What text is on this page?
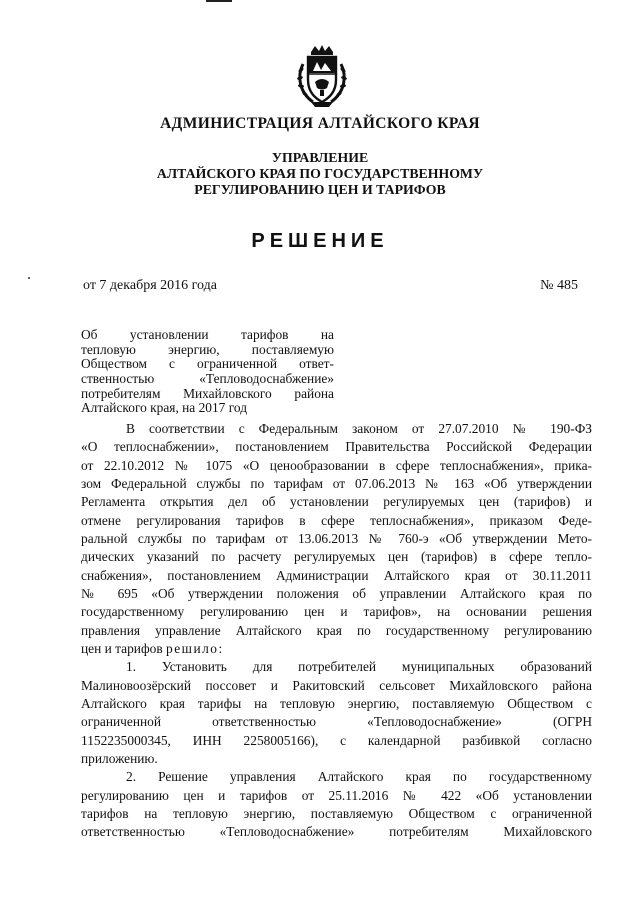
АДМИНИСТРАЦИЯ АЛТАЙСКОГО КРАЯ
УПРАВЛЕНИЕ
АЛТАЙСКОГО КРАЯ ПО ГОСУДАРСТВЕННОМУ
РЕГУЛИРОВАНИЮ ЦЕН И ТАРИФОВ
РЕШЕНИЕ
от 7 декабря 2016 года	№ 485
Об установлении тарифов на
тепловую энергию, поставляемую
Обществом с ограниченной ответ-
ственностью «Тепловодоснабжение»
потребителям Михайловского района
Алтайского края, на 2017 год
В соответствии с Федеральным законом от 27.07.2010 № 190-ФЗ
«О теплоснабжении», постановлением Правительства Российской Федерации
от 22.10.2012 № 1075 «О ценообразовании в сфере теплоснабжения», прика-
зом Федеральной службы по тарифам от 07.06.2013 № 163 «Об утверждении
Регламента открытия дел об установлении регулируемых цен (тарифов) и
отмене регулирования тарифов в сфере теплоснабжения», приказом Феде-
ральной службы по тарифам от 13.06.2013 № 760-э «Об утверждении Мето-
дических указаний по расчету регулируемых цен (тарифов) в сфере тепло-
снабжения», постановлением Администрации Алтайского края от 30.11.2011
№ 695 «Об утверждении положения об управлении Алтайского края по
государственному регулированию цен и тарифов», на основании решения
правления управление Алтайского края по государственному регулированию
цен и тарифов решило:
1. Установить для потребителей муниципальных образований
Малиновоозёрский поссовет и Ракитовский сельсовет Михайловского района
Алтайского края тарифы на тепловую энергию, поставляемую Обществом с
ограниченной ответственностью «Тепловодоснабжение» (ОГРН
1152235000345, ИНН 2258005166), с календарной разбивкой согласно
приложению.
2. Решение управления Алтайского края по государственному
регулированию цен и тарифов от 25.11.2016 № 422 «Об установлении
тарифов на тепловую энергию, поставляемую Обществом с ограниченной
ответственностью «Тепловодоснабжение» потребителям Михайловского
